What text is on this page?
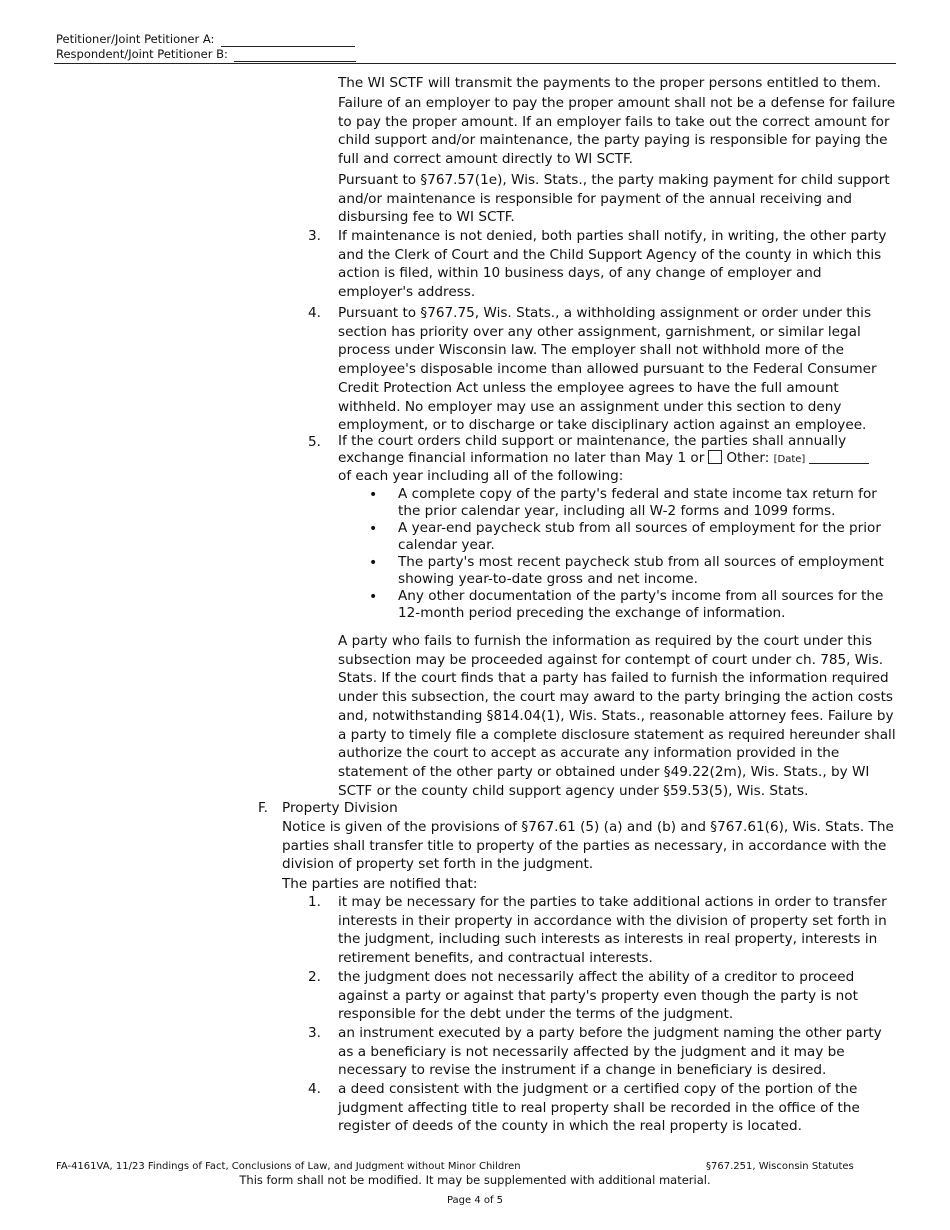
Petitioner/Joint Petitioner A:
Respondent/Joint Petitioner B:

The WI SCTF will transmit the payments to the proper persons entitled to them.

Failure of an employer to pay the proper amount shall not be a defense for failure to pay the proper amount. If an employer fails to take out the correct amount for child support and/or maintenance, the party paying is responsible for paying the full and correct amount directly to WI SCTF.

Pursuant to §767.57(1e), Wis. Stats., the party making payment for child support and/or maintenance is responsible for payment of the annual receiving and disbursing fee to WI SCTF.

3. If maintenance is not denied, both parties shall notify, in writing, the other party and the Clerk of Court and the Child Support Agency of the county in which this action is filed, within 10 business days, of any change of employer and employer's address.

4. Pursuant to §767.75, Wis. Stats., a withholding assignment or order under this section has priority over any other assignment, garnishment, or similar legal process under Wisconsin law. The employer shall not withhold more of the employee's disposable income than allowed pursuant to the Federal Consumer Credit Protection Act unless the employee agrees to have the full amount withheld. No employer may use an assignment under this section to deny employment, or to discharge or take disciplinary action against an employee.

5. If the court orders child support or maintenance, the parties shall annually
exchange financial information no later than May 1 or Other: [Date]
of each year including all of the following:

• A complete copy of the party's federal and state income tax return for the prior calendar year, including all W-2 forms and 1099 forms.

• A year-end paycheck stub from all sources of employment for the prior calendar year.

• The party's most recent paycheck stub from all sources of employment showing year-to-date gross and net income.

• Any other documentation of the party's income from all sources for the 12-month period preceding the exchange of information.

A party who fails to furnish the information as required by the court under this subsection may be proceeded against for contempt of court under ch. 785, Wis. Stats. If the court finds that a party has failed to furnish the information required under this subsection, the court may award to the party bringing the action costs and, notwithstanding §814.04(1), Wis. Stats., reasonable attorney fees. Failure by a party to timely file a complete disclosure statement as required hereunder shall authorize the court to accept as accurate any information provided in the statement of the other party or obtained under §49.22(2m), Wis. Stats., by WI SCTF or the county child support agency under §59.53(5), Wis. Stats.

F. Property Division

Notice is given of the provisions of §767.61 (5) (a) and (b) and §767.61(6), Wis. Stats. The parties shall transfer title to property of the parties as necessary, in accordance with the division of property set forth in the judgment.

The parties are notified that:

1. it may be necessary for the parties to take additional actions in order to transfer interests in their property in accordance with the division of property set forth in the judgment, including such interests as interests in real property, interests in retirement benefits, and contractual interests.

2. the judgment does not necessarily affect the ability of a creditor to proceed against a party or against that party's property even though the party is not responsible for the debt under the terms of the judgment.

3. an instrument executed by a party before the judgment naming the other party as a beneficiary is not necessarily affected by the judgment and it may be necessary to revise the instrument if a change in beneficiary is desired.

4. a deed consistent with the judgment or a certified copy of the portion of the judgment affecting title to real property shall be recorded in the office of the register of deeds of the county in which the real property is located.

FA-4161VA, 11/23 Findings of Fact, Conclusions of Law, and Judgment without Minor Children	§767.251, Wisconsin Statutes
This form shall not be modified. It may be supplemented with additional material.
Page 4 of 5
